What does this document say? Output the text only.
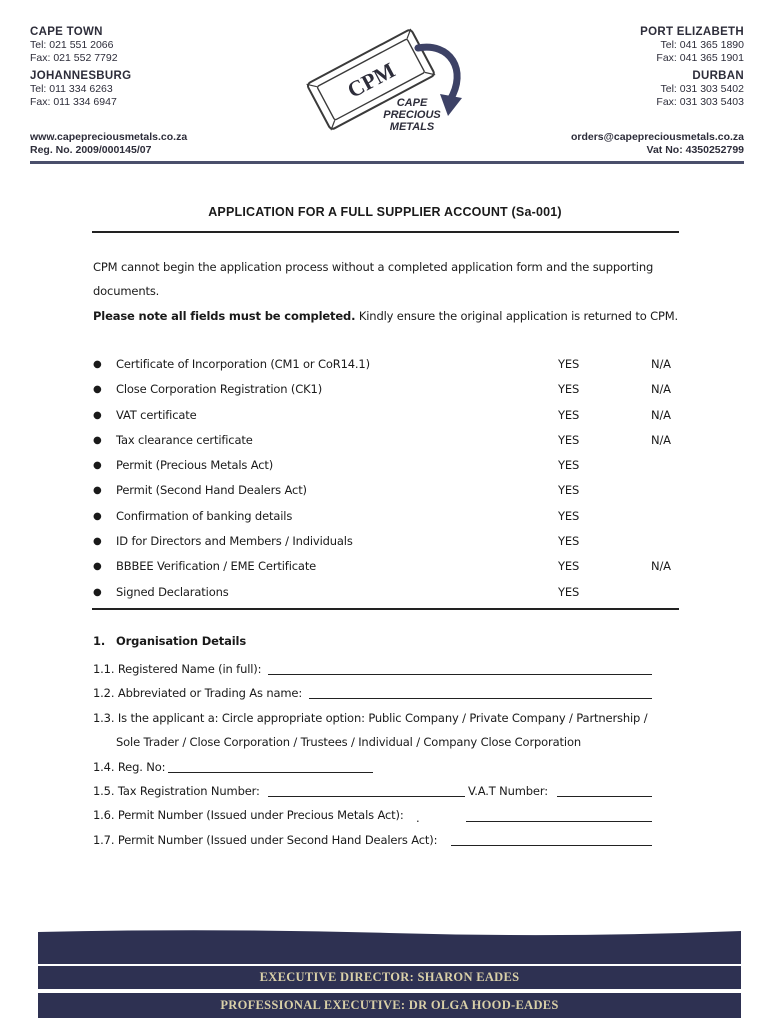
CAPE TOWN
Tel: 021 551 2066
Fax: 021 552 7792
JOHANNESBURG
Tel: 011 334 6263
Fax: 011 334 6947
PORT ELIZABETH
Tel: 041 365 1890
Fax: 041 365 1901
DURBAN
Tel: 031 303 5402
Fax: 031 303 5403
CPM
CAPE
PRECIOUS
METALS
www.capepreciousmetals.co.za
Reg. No. 2009/000145/07
orders@capepreciousmetals.co.za
Vat No: 4350252799
APPLICATION FOR A FULL SUPPLIER ACCOUNT (Sa-001)
CPM cannot begin the application process without a completed application form and the supporting
documents.
Please note all fields must be completed. Kindly ensure the original application is returned to CPM.
● Certificate of Incorporation (CM1 or CoR14.1)	YES	N/A
● Close Corporation Registration (CK1)	YES	N/A
● VAT certificate	YES	N/A
● Tax clearance certificate	YES	N/A
● Permit (Precious Metals Act)	YES
● Permit (Second Hand Dealers Act)	YES
● Confirmation of banking details	YES
● ID for Directors and Members / Individuals	YES
● BBBEE Verification / EME Certificate	YES	N/A
● Signed Declarations	YES
1. Organisation Details
1.1. Registered Name (in full):
1.2. Abbreviated or Trading As name:
1.3. Is the applicant a: Circle appropriate option: Public Company / Private Company / Partnership /
Sole Trader / Close Corporation / Trustees / Individual / Company Close Corporation
1.4. Reg. No:
1.5. Tax Registration Number:	V.A.T Number:
1.6. Permit Number (Issued under Precious Metals Act): .
1.7. Permit Number (Issued under Second Hand Dealers Act):
EXECUTIVE DIRECTOR: SHARON EADES
PROFESSIONAL EXECUTIVE: DR OLGA HOOD-EADES
